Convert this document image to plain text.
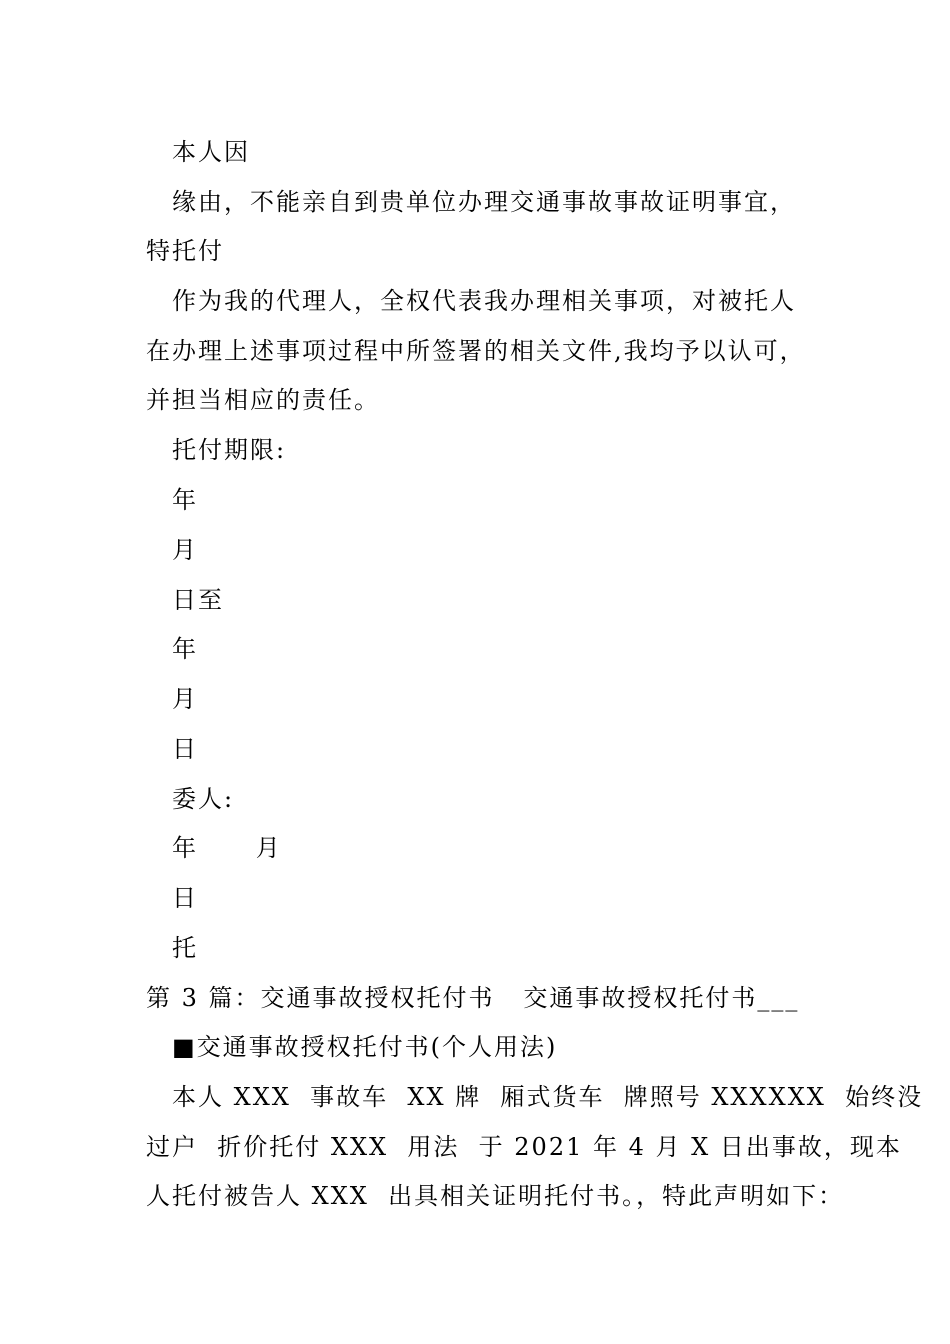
本人因
缘由，不能亲自到贵单位办理交通事故事故证明事宜，
特托付
作为我的代理人，全权代表我办理相关事项，对被托人
在办理上述事项过程中所签署的相关文件,我均予以认可，
并担当相应的责任。
托付期限:
年
月
日至
年
月
日
委人:
年      月
日
托
第 3 篇：交通事故授权托付书   交通事故授权托付书___
■交通事故授权托付书(个人用法)
本人 XXX  事故车  XX 牌  厢式货车  牌照号 XXXXXX  始终没
过户  折价托付 XXX  用法  于 2021 年 4 月 X 日出事故，现本
人托付被告人 XXX  出具相关证明托付书。，特此声明如下：
